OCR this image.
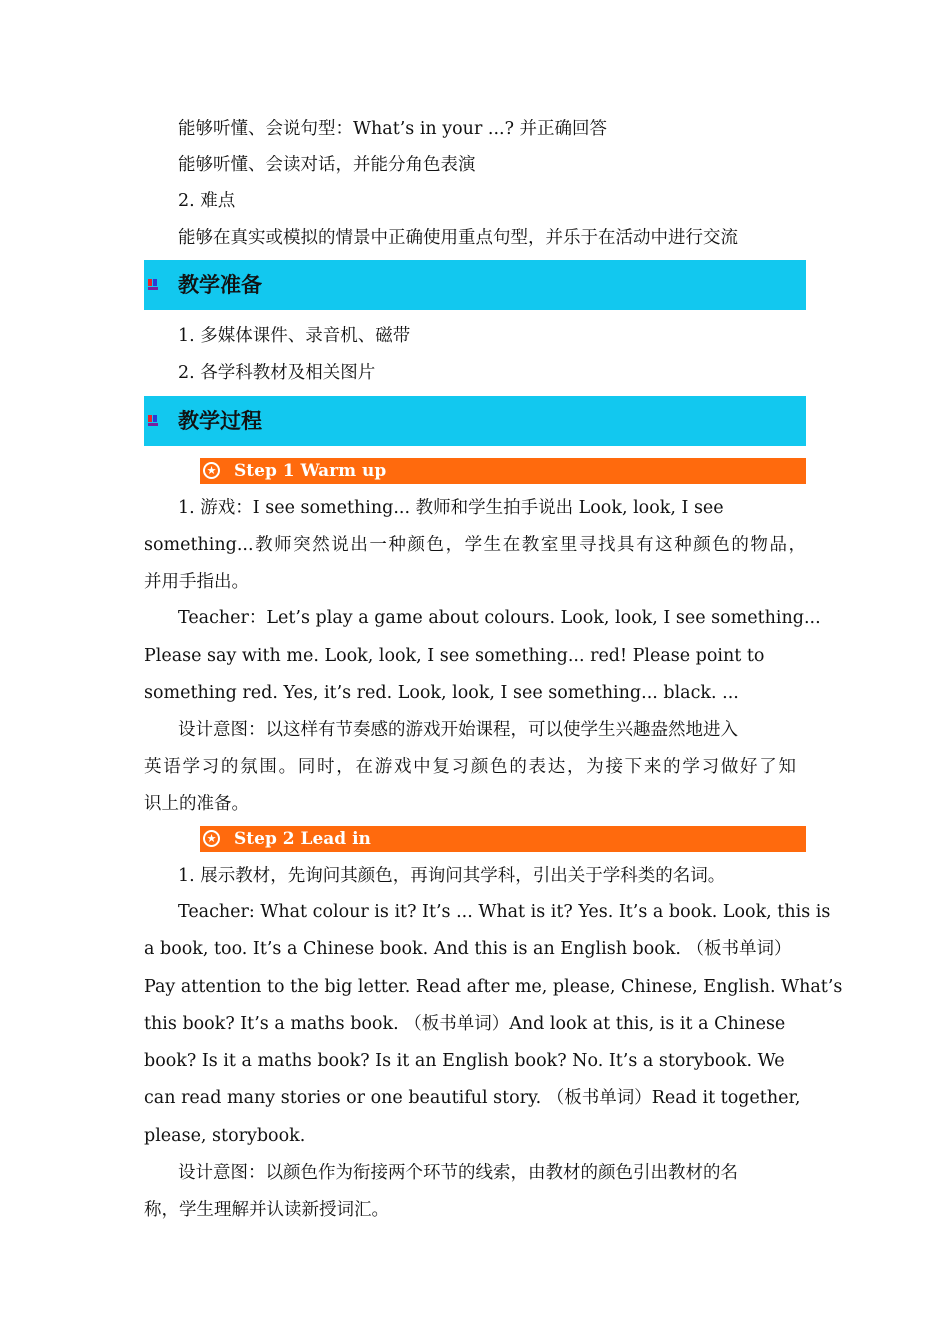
能够听懂、会说句型：What’s in your ...? 并正确回答
能够听懂、会读对话，并能分角色表演
2. 难点
能够在真实或模拟的情景中正确使用重点句型，并乐于在活动中进行交流
教学准备
1. 多媒体课件、录音机、磁带
2. 各学科教材及相关图片
教学过程
★ Step 1 Warm up
1. 游戏：I see something... 教师和学生拍手说出 Look, look, I see
something...教师突然说出一种颜色，学生在教室里寻找具有这种颜色的物品，
并用手指出。
Teacher：Let’s play a game about colours. Look, look, I see something...
Please say with me. Look, look, I see something... red! Please point to
something red. Yes, it’s red. Look, look, I see something... black. ...
设计意图：以这样有节奏感的游戏开始课程，可以使学生兴趣盎然地进入
英语学习的氛围。同时，在游戏中复习颜色的表达，为接下来的学习做好了知
识上的准备。
★ Step 2 Lead in
1. 展示教材，先询问其颜色，再询问其学科，引出关于学科类的名词。
Teacher: What colour is it? It’s ... What is it? Yes. It’s a book. Look, this is
a book, too. It’s a Chinese book. And this is an English book. （板书单词）
Pay attention to the big letter. Read after me, please, Chinese, English. What’s
this book? It’s a maths book. （板书单词）And look at this, is it a Chinese
book? Is it a maths book? Is it an English book? No. It’s a storybook. We
can read many stories or one beautiful story. （板书单词）Read it together,
please, storybook.
设计意图：以颜色作为衔接两个环节的线索，由教材的颜色引出教材的名
称，学生理解并认读新授词汇。
